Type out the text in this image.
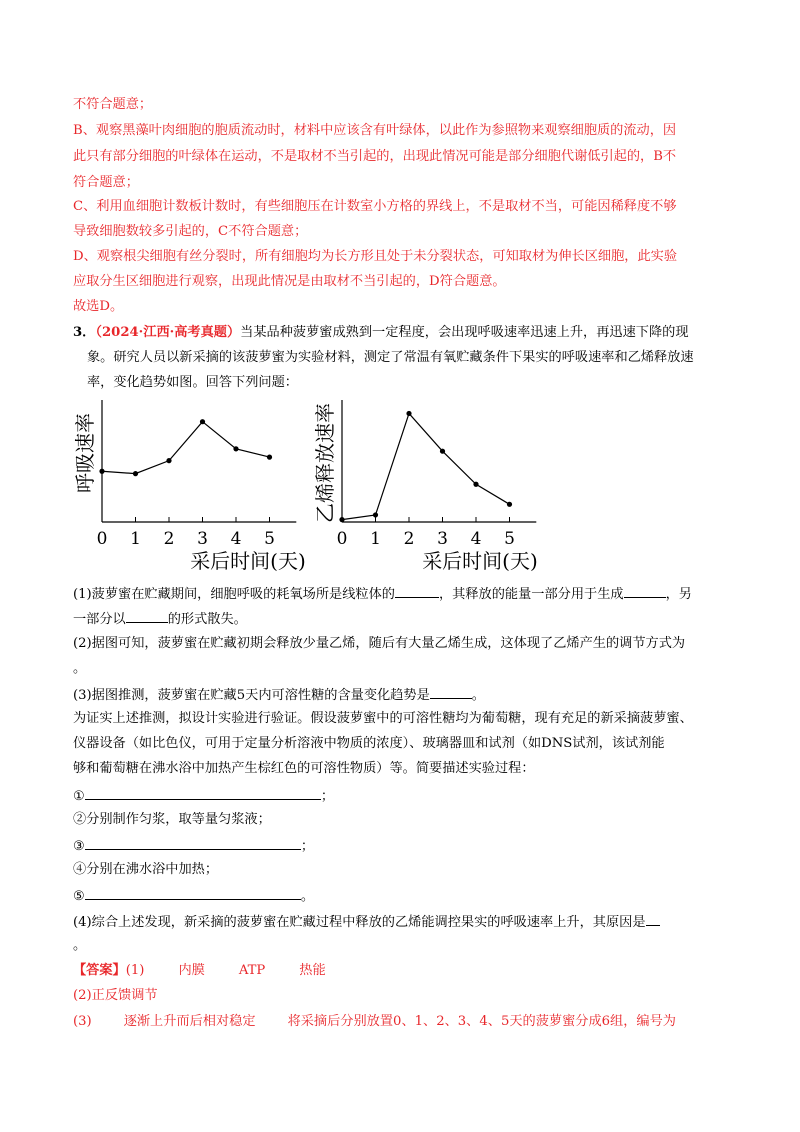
不符合题意；
B、观察黑藻叶肉细胞的胞质流动时，材料中应该含有叶绿体，以此作为参照物来观察细胞质的流动，因
此只有部分细胞的叶绿体在运动，不是取材不当引起的，出现此情况可能是部分细胞代谢低引起的，B不
符合题意；
C、利用血细胞计数板计数时，有些细胞压在计数室小方格的界线上，不是取材不当，可能因稀释度不够
导致细胞数较多引起的，C不符合题意；
D、观察根尖细胞有丝分裂时，所有细胞均为长方形且处于未分裂状态，可知取材为伸长区细胞，此实验
应取分生区细胞进行观察，出现此情况是由取材不当引起的，D符合题意。
故选D。
3．（2024·江西·高考真题）当某品种菠萝蜜成熟到一定程度，会出现呼吸速率迅速上升，再迅速下降的现
象。研究人员以新采摘的该菠萝蜜为实验材料，测定了常温有氧贮藏条件下果实的呼吸速率和乙烯释放速
率，变化趋势如图。回答下列问题：
0 1 2 3 4 5
呼吸速率
采后时间(天)
0 1 2 3 4 5
乙烯释放速率
采后时间(天)
(1)菠萝蜜在贮藏期间，细胞呼吸的耗氧场所是线粒体的	，其释放的能量一部分用于生成	，另
一部分以	的形式散失。
(2)据图可知，菠萝蜜在贮藏初期会释放少量乙烯，随后有大量乙烯生成，这体现了乙烯产生的调节方式为
。
(3)据图推测，菠萝蜜在贮藏5天内可溶性糖的含量变化趋势是	。
为证实上述推测，拟设计实验进行验证。假设菠萝蜜中的可溶性糖均为葡萄糖，现有充足的新采摘菠萝蜜、
仪器设备（如比色仪，可用于定量分析溶液中物质的浓度）、玻璃器皿和试剂（如DNS试剂，该试剂能
够和葡萄糖在沸水浴中加热产生棕红色的可溶性物质）等。简要描述实验过程：
①	；
②分别制作匀浆，取等量匀浆液；
③	；
④分别在沸水浴中加热；
⑤	。
(4)综合上述发现，新采摘的菠萝蜜在贮藏过程中释放的乙烯能调控果实的呼吸速率上升，其原因是
。
【答案】(1)	内膜	ATP	热能
(2)正反馈调节
(3) 逐渐上升而后相对稳定 将采摘后分别放置0、1、2、3、4、5天的菠萝蜜分成6组，编号为
